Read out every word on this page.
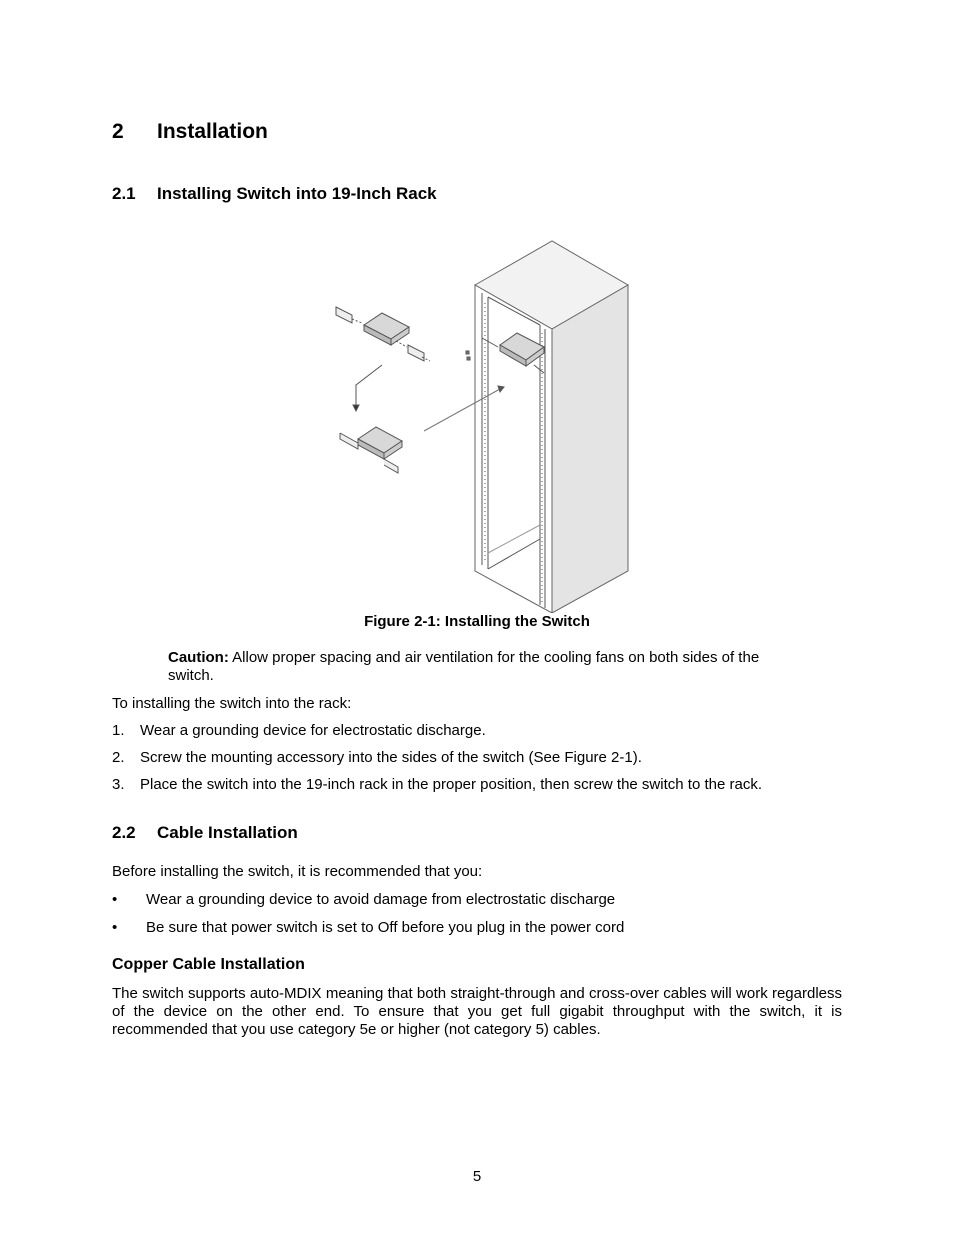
2 Installation
2.1 Installing Switch into 19-Inch Rack
Figure 2-1: Installing the Switch
Caution: Allow proper spacing and air ventilation for the cooling fans on both sides of the
switch.
To installing the switch into the rack:
1. Wear a grounding device for electrostatic discharge.
2. Screw the mounting accessory into the sides of the switch (See Figure 2-1).
3. Place the switch into the 19-inch rack in the proper position, then screw the switch to the rack.
2.2 Cable Installation
Before installing the switch, it is recommended that you:
• Wear a grounding device to avoid damage from electrostatic discharge
• Be sure that power switch is set to Off before you plug in the power cord
Copper Cable Installation
The switch supports auto-MDIX meaning that both straight-through and cross-over cables will work regardless of the device on the other end. To ensure that you get full gigabit throughput with the switch, it is recommended that you use category 5e or higher (not category 5) cables.
5
